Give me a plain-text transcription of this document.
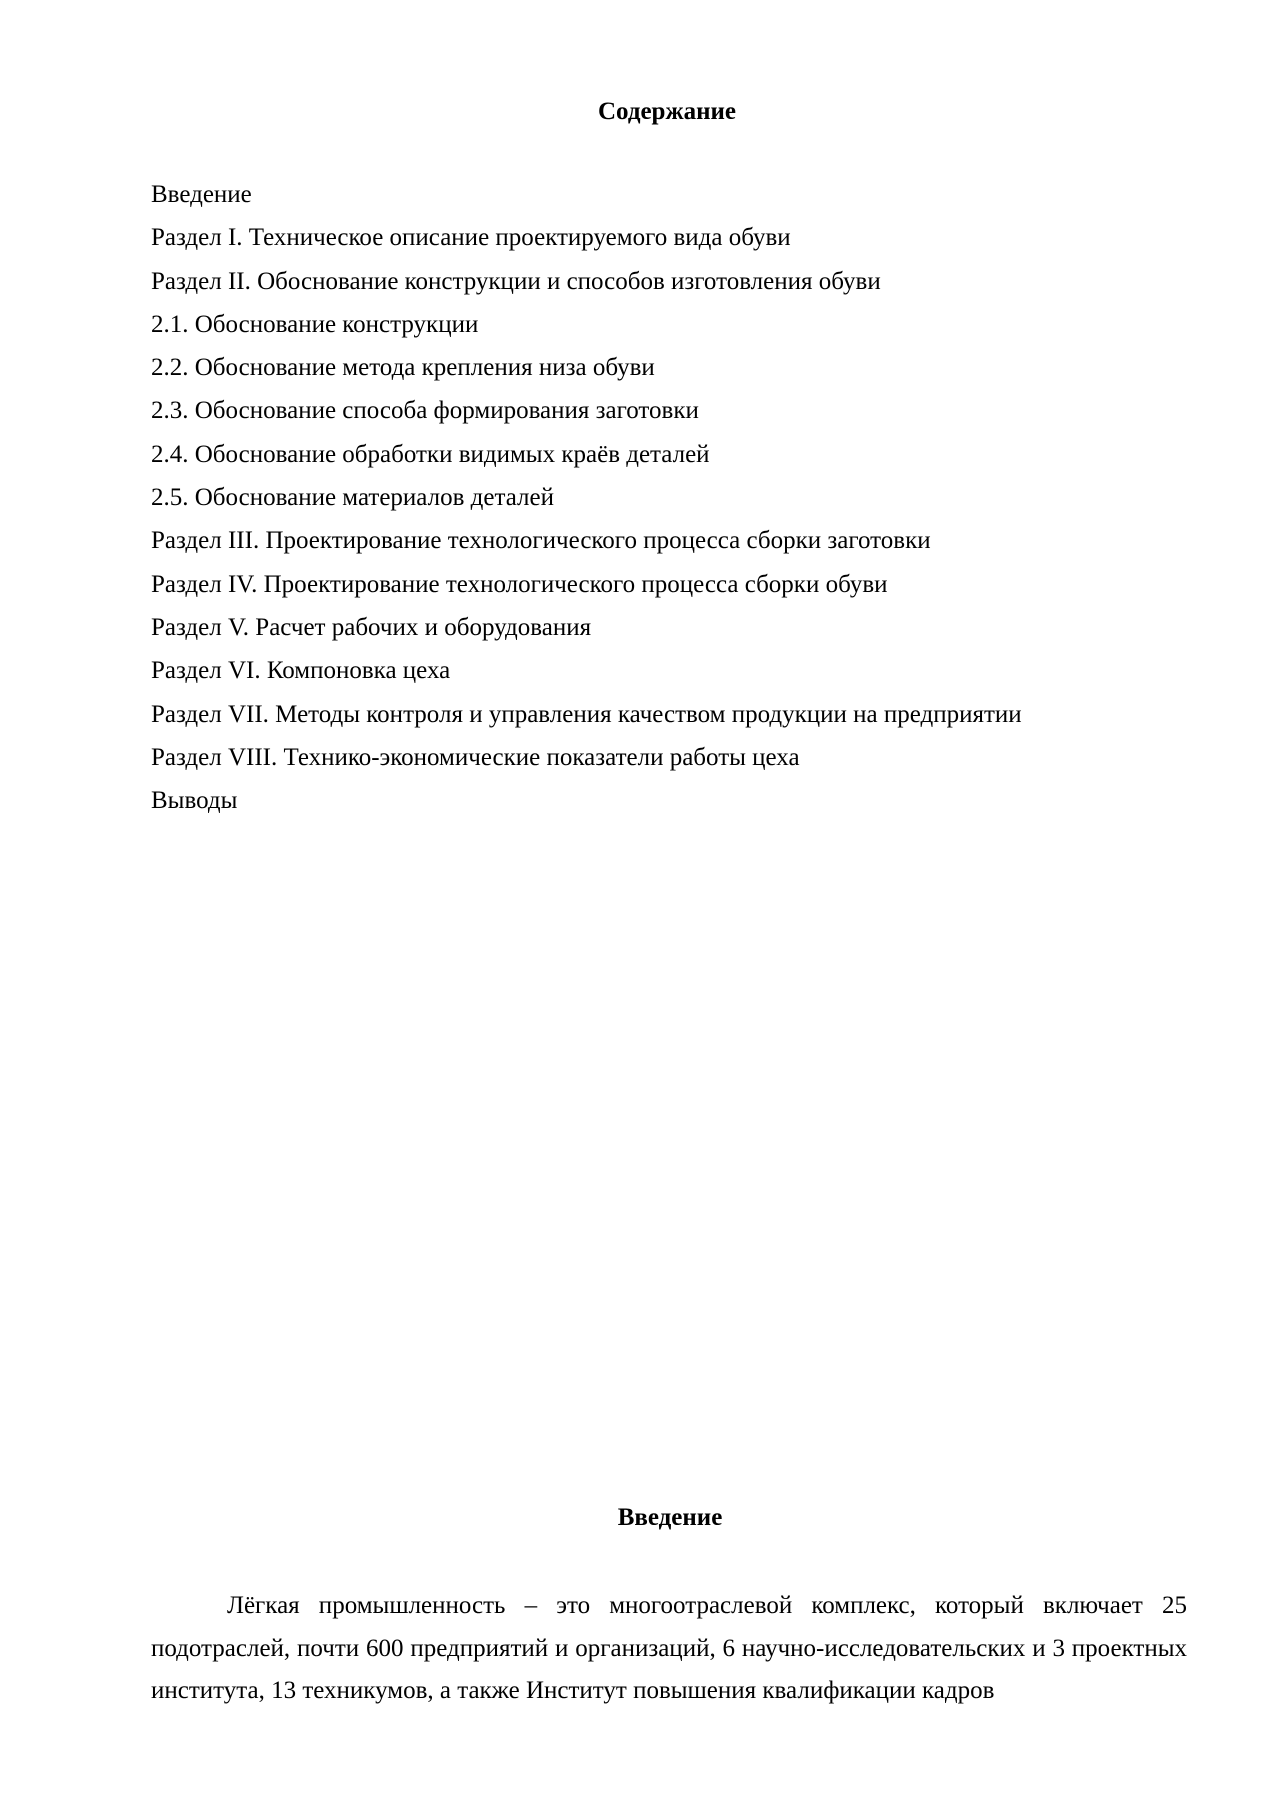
Содержание
Введение
Раздел I. Техническое описание проектируемого вида обуви
Раздел II. Обоснование конструкции и способов изготовления обуви
2.1. Обоснование конструкции
2.2. Обоснование метода крепления низа обуви
2.3. Обоснование способа формирования заготовки
2.4. Обоснование обработки видимых краёв деталей
2.5. Обоснование материалов деталей
Раздел III. Проектирование технологического процесса сборки заготовки
Раздел IV. Проектирование технологического процесса сборки обуви
Раздел V. Расчет рабочих и оборудования
Раздел VI. Компоновка цеха
Раздел VII. Методы контроля и управления качеством продукции на предприятии
Раздел VIII. Технико-экономические показатели работы цеха
Выводы
Введение

Лёгкая промышленность – это многоотраслевой комплекс, который включает 25 подотраслей, почти 600 предприятий и организаций, 6 научно-исследовательских и 3 проектных института, 13 техникумов, а также Институт повышения квалификации кадров
